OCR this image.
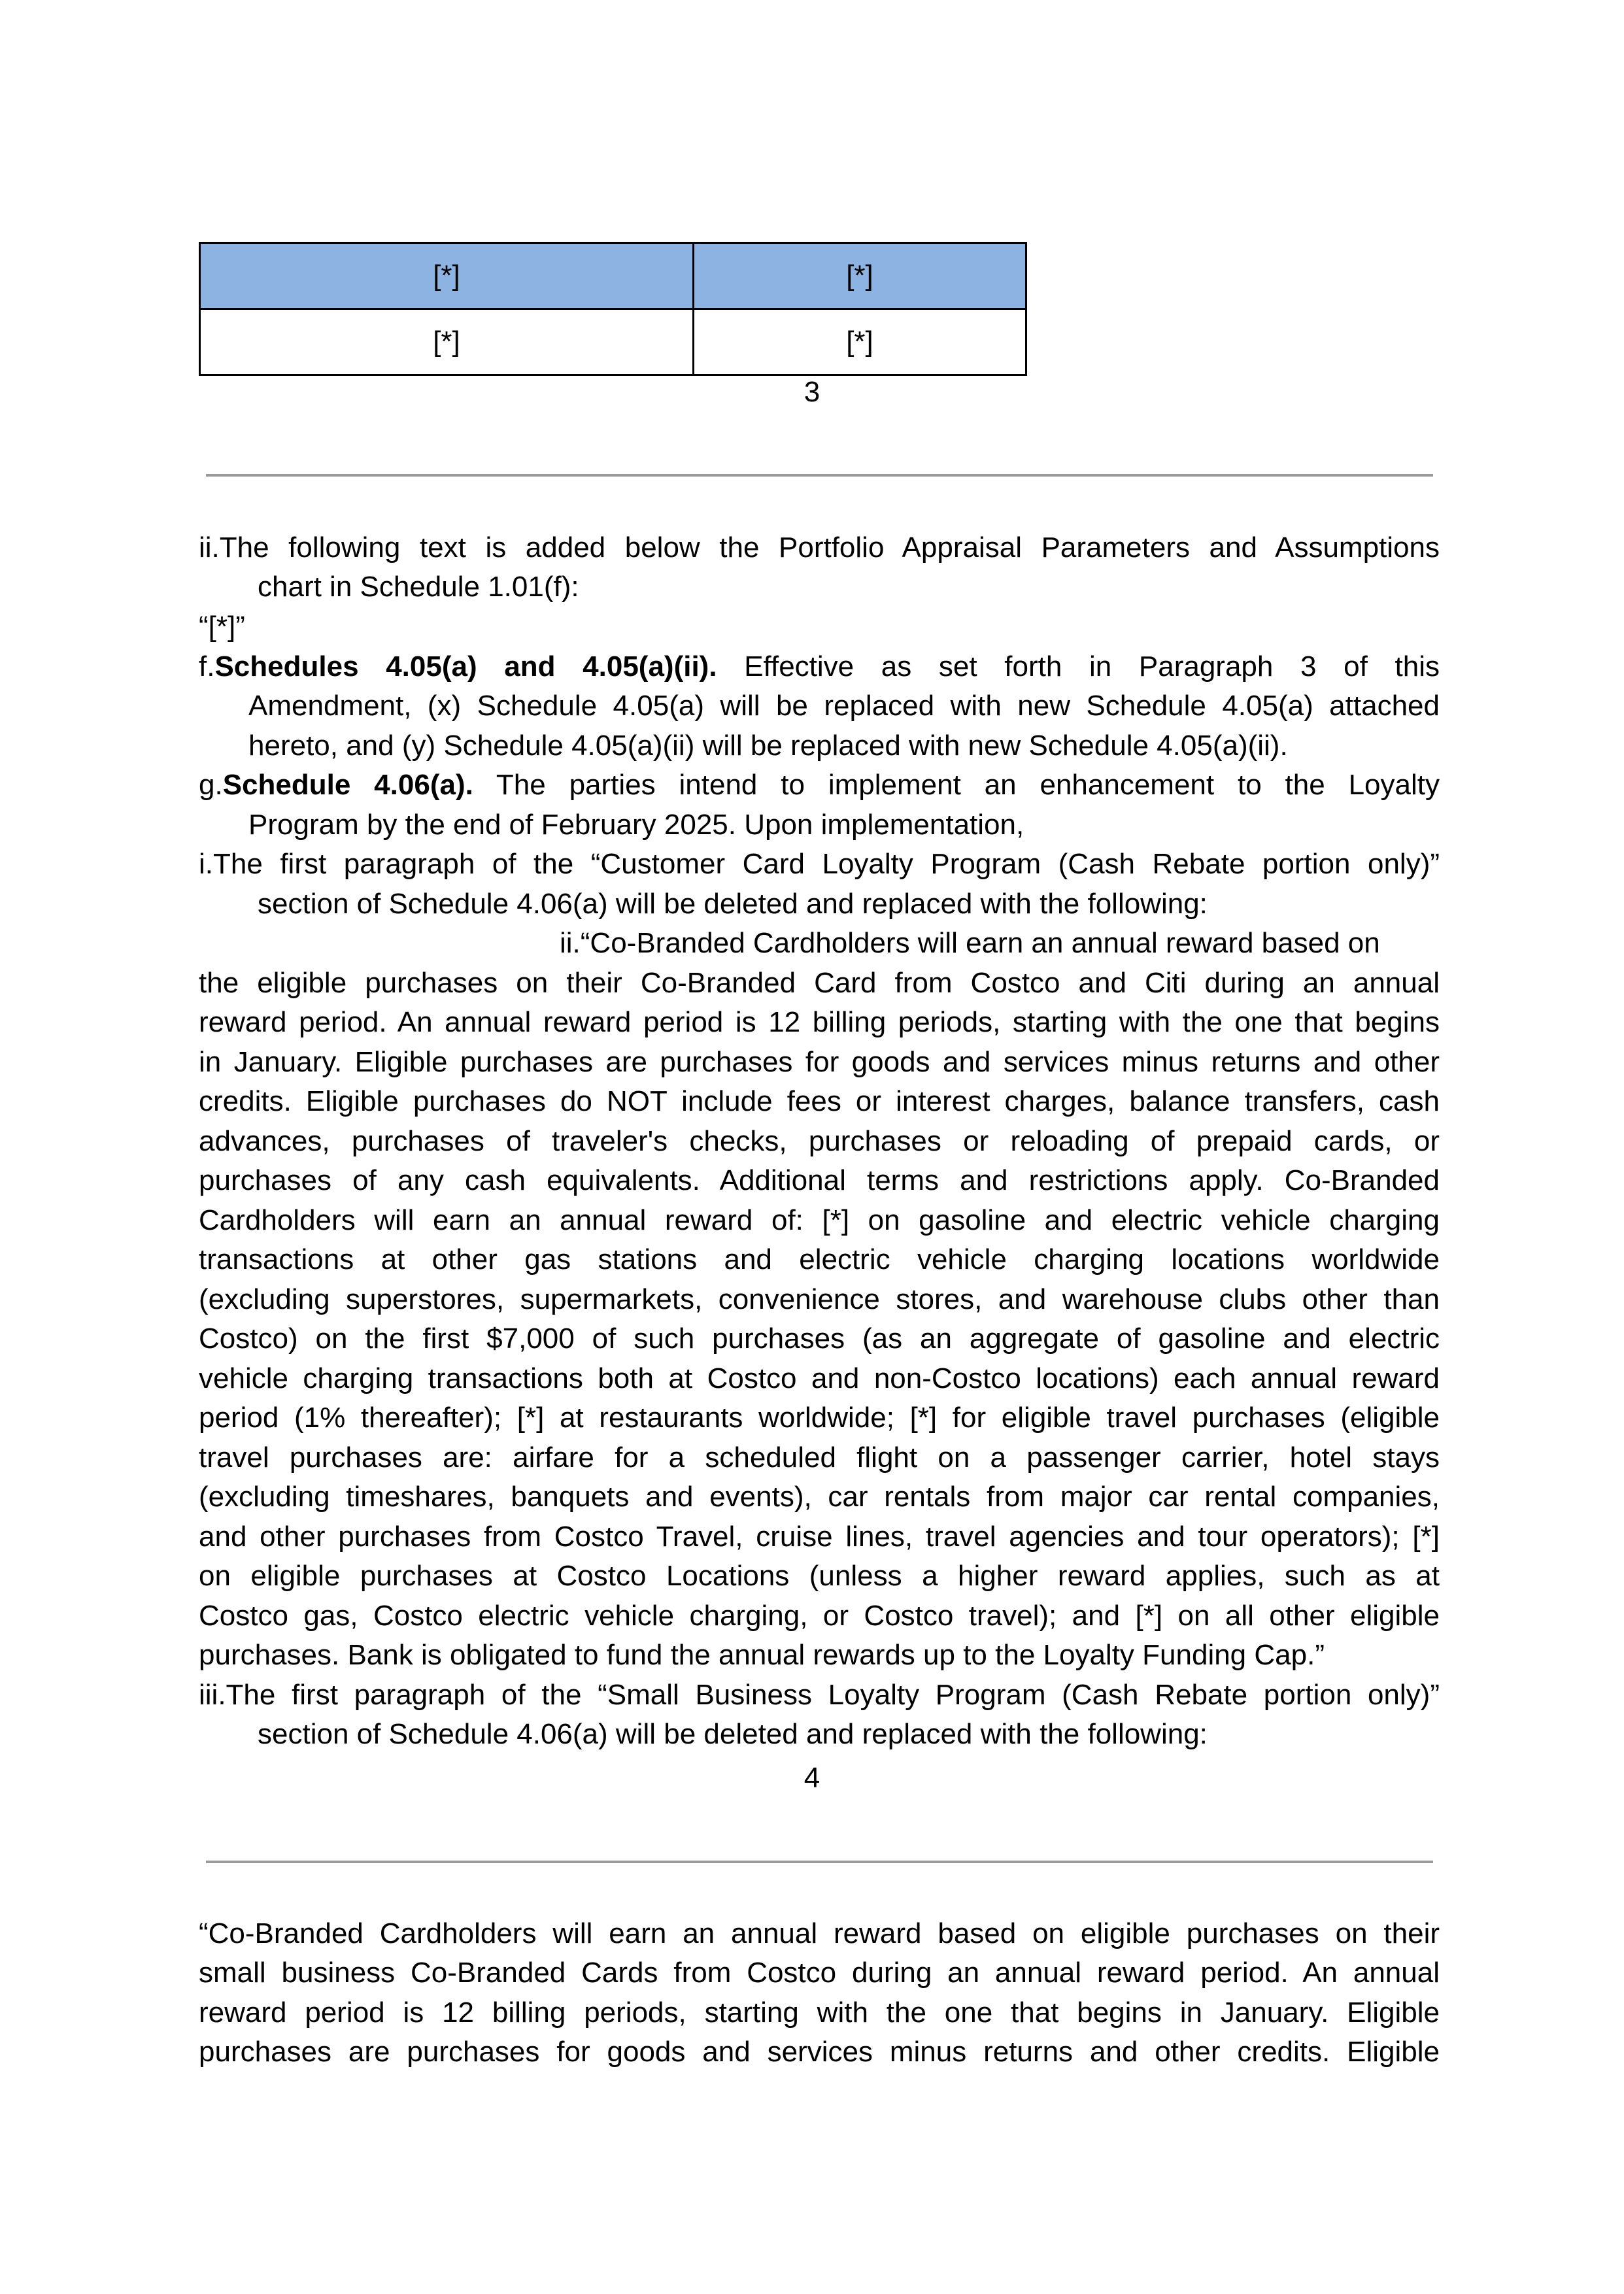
[*]	[*]
[*]	[*]
3
ii.The following text is added below the Portfolio Appraisal Parameters and Assumptions
chart in Schedule 1.01(f):
“[*]”
f.Schedules 4.05(a) and 4.05(a)(ii). Effective as set forth in Paragraph 3 of this
Amendment, (x) Schedule 4.05(a) will be replaced with new Schedule 4.05(a) attached
hereto, and (y) Schedule 4.05(a)(ii) will be replaced with new Schedule 4.05(a)(ii).
g.Schedule 4.06(a). The parties intend to implement an enhancement to the Loyalty
Program by the end of February 2025. Upon implementation,
i.The first paragraph of the “Customer Card Loyalty Program (Cash Rebate portion only)”
section of Schedule 4.06(a) will be deleted and replaced with the following:
ii.“Co-Branded Cardholders will earn an annual reward based on
the eligible purchases on their Co-Branded Card from Costco and Citi during an annual
reward period. An annual reward period is 12 billing periods, starting with the one that begins
in January. Eligible purchases are purchases for goods and services minus returns and other
credits. Eligible purchases do NOT include fees or interest charges, balance transfers, cash
advances, purchases of traveler's checks, purchases or reloading of prepaid cards, or
purchases of any cash equivalents. Additional terms and restrictions apply. Co-Branded
Cardholders will earn an annual reward of: [*] on gasoline and electric vehicle charging
transactions at other gas stations and electric vehicle charging locations worldwide
(excluding superstores, supermarkets, convenience stores, and warehouse clubs other than
Costco) on the first $7,000 of such purchases (as an aggregate of gasoline and electric
vehicle charging transactions both at Costco and non-Costco locations) each annual reward
period (1% thereafter); [*] at restaurants worldwide; [*] for eligible travel purchases (eligible
travel purchases are: airfare for a scheduled flight on a passenger carrier, hotel stays
(excluding timeshares, banquets and events), car rentals from major car rental companies,
and other purchases from Costco Travel, cruise lines, travel agencies and tour operators); [*]
on eligible purchases at Costco Locations (unless a higher reward applies, such as at
Costco gas, Costco electric vehicle charging, or Costco travel); and [*] on all other eligible
purchases. Bank is obligated to fund the annual rewards up to the Loyalty Funding Cap.”
iii.The first paragraph of the “Small Business Loyalty Program (Cash Rebate portion only)”
section of Schedule 4.06(a) will be deleted and replaced with the following:
4
“Co-Branded Cardholders will earn an annual reward based on eligible purchases on their
small business Co-Branded Cards from Costco during an annual reward period. An annual
reward period is 12 billing periods, starting with the one that begins in January. Eligible
purchases are purchases for goods and services minus returns and other credits. Eligible
